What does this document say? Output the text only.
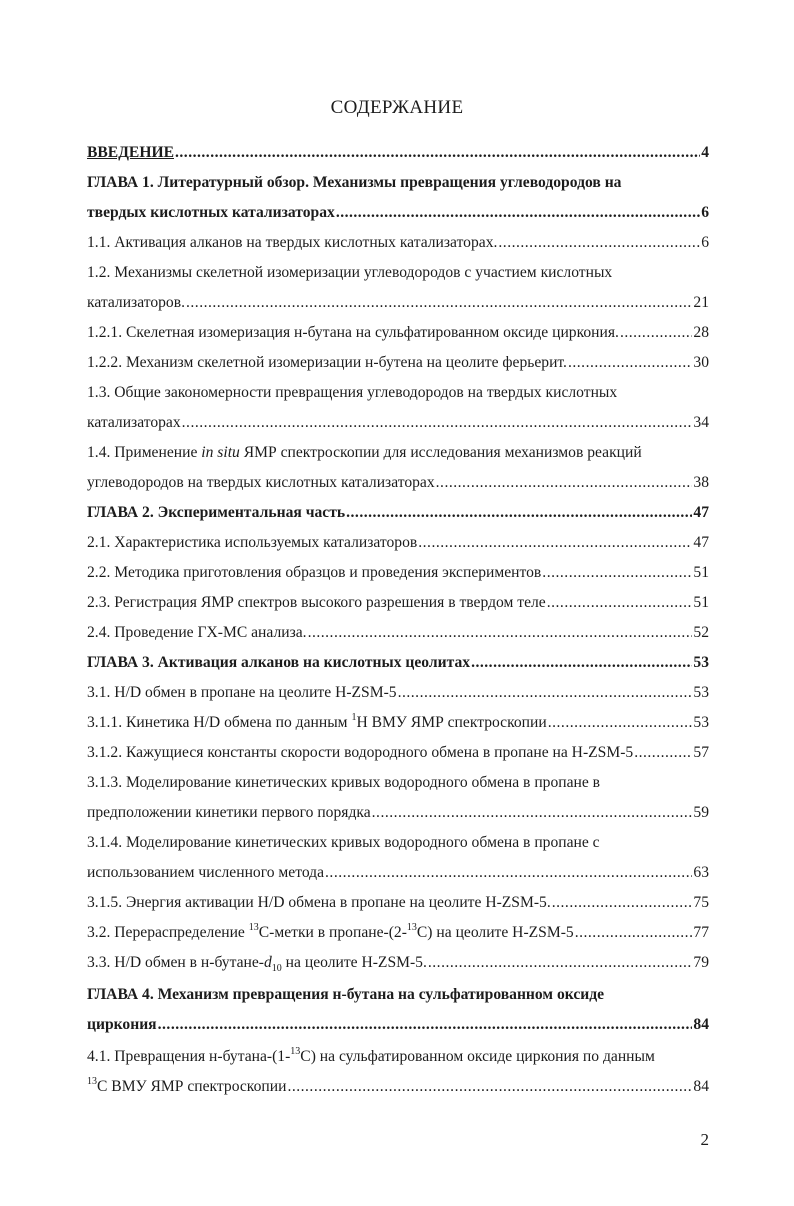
СОДЕРЖАНИЕ
ВВЕДЕНИЕ .....	4
ГЛАВА 1. Литературный обзор. Механизмы превращения углеводородов на
твердых кислотных катализаторах .....	6
1.1. Активация алканов на твердых кислотных катализаторах. .....	6
1.2. Механизмы скелетной изомеризации углеводородов с участием кислотных
катализаторов. .....	21
1.2.1. Скелетная изомеризация н-бутана на сульфатированном оксиде циркония. .....	28
1.2.2. Механизм скелетной изомеризации н-бутена на цеолите ферьерит. .....	30
1.3. Общие закономерности превращения углеводородов на твердых кислотных
катализаторах .....	34
1.4. Применение in situ ЯМР спектроскопии для исследования механизмов реакций
углеводородов на твердых кислотных катализаторах .....	38
ГЛАВА 2. Экспериментальная часть .....	47
2.1. Характеристика используемых катализаторов .....	47
2.2. Методика приготовления образцов и проведения экспериментов .....	51
2.3. Регистрация ЯМР спектров высокого разрешения в твердом теле .....	51
2.4. Проведение ГХ-МС анализа. .....	52
ГЛАВА 3. Активация алканов на кислотных цеолитах .....	53
3.1. H/D обмен в пропане на цеолите H-ZSM-5 .....	53
3.1.1. Кинетика H/D обмена по данным $^1$H ВМУ ЯМР спектроскопии .....	53
3.1.2. Кажущиеся константы скорости водородного обмена в пропане на H-ZSM-5 .....	57
3.1.3. Моделирование кинетических кривых водородного обмена в пропане в
предположении кинетики первого порядка .....	59
3.1.4. Моделирование кинетических кривых водородного обмена в пропане с
использованием численного метода .....	63
3.1.5. Энергия активации H/D обмена в пропане на цеолите H-ZSM-5. .....	75
3.2. Перераспределение $^{13}$С-метки в пропане-(2-$^{13}$С) на цеолите H-ZSM-5 .....	77
3.3. H/D обмен в $н-бутане-d_{10}$ на цеолите H-ZSM-5. .....	79
ГЛАВА 4. Механизм превращения н-бутана на сульфатированном оксиде
циркония .....	84
4.1. Превращения н-бутана-(1-$^{13}$С) на сульфатированном оксиде циркония по данным
$^{13}$С ВМУ ЯМР спектроскопии .....	84
2
